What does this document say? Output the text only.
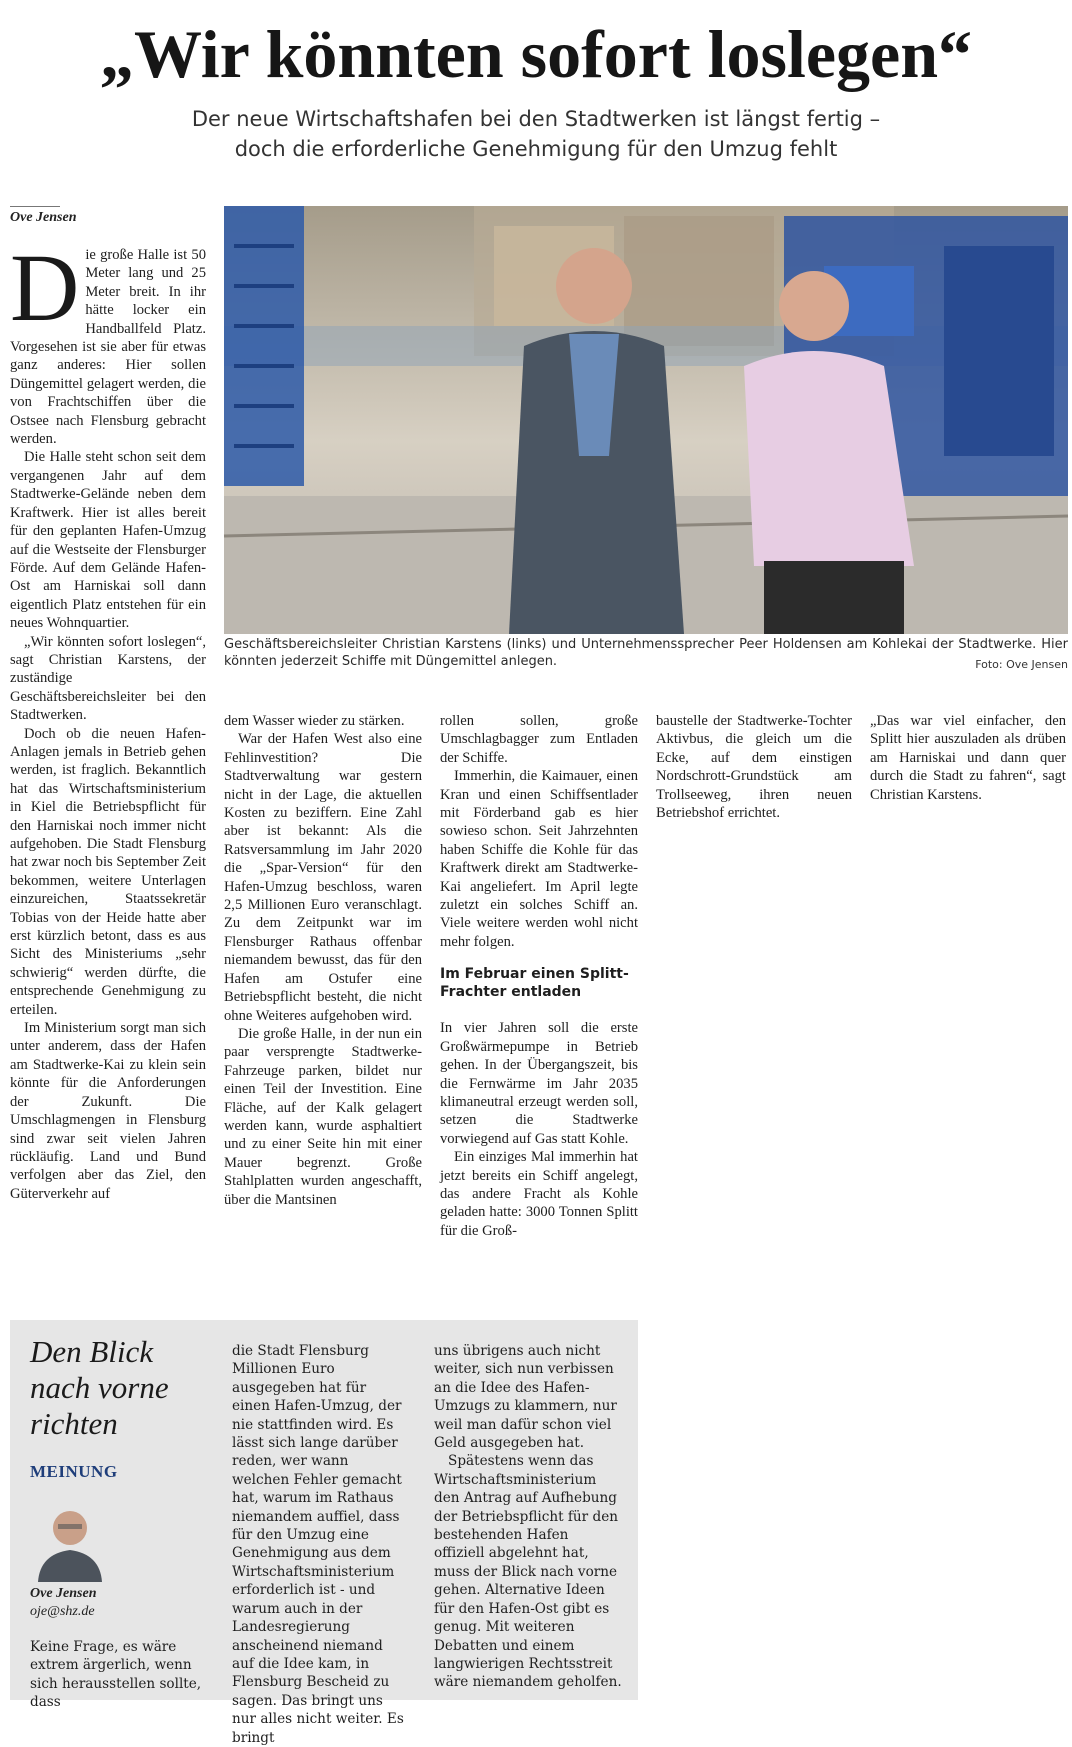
„Wir könnten sofort loslegen“
Der neue Wirtschaftshafen bei den Stadtwerken ist längst fertig –
doch die erforderliche Genehmigung für den Umzug fehlt
Ove Jensen
D ie große Halle ist 50 Meter lang und 25 Meter breit. In ihr hätte locker ein Handballfeld Platz. Vorgesehen ist sie aber für etwas ganz anderes: Hier sollen Düngemittel gelagert werden, die von Frachtschiffen über die Ostsee nach Flensburg gebracht werden.

Die Halle steht schon seit dem vergangenen Jahr auf dem Stadtwerke-Gelände neben dem Kraftwerk. Hier ist alles bereit für den geplanten Hafen-Umzug auf die Westseite der Flensburger Förde. Auf dem Gelände Hafen-Ost am Harniskai soll dann eigentlich Platz entstehen für ein neues Wohnquartier.

„Wir könnten sofort loslegen“, sagt Christian Karstens, der zuständige Geschäftsbereichsleiter bei den Stadtwerken.

Doch ob die neuen Hafen-Anlagen jemals in Betrieb gehen werden, ist fraglich. Bekanntlich hat das Wirtschaftsministerium in Kiel die Betriebspflicht für den Harniskai noch immer nicht aufgehoben. Die Stadt Flensburg hat zwar noch bis September Zeit bekommen, weitere Unterlagen einzureichen, Staatssekretär Tobias von der Heide hatte aber erst kürzlich betont, dass es aus Sicht des Ministeriums „sehr schwierig“ werden dürfte, die entsprechende Genehmigung zu erteilen.

Im Ministerium sorgt man sich unter anderem, dass der Hafen am Stadtwerke-Kai zu klein sein könnte für die Anforderungen der Zukunft. Die Umschlagmengen in Flensburg sind zwar seit vielen Jahren rückläufig. Land und Bund verfolgen aber das Ziel, den Güterverkehr auf

Geschäftsbereichsleiter Christian Karstens (links) und Unternehmenssprecher Peer Holdensen am Kohlekai der Stadtwerke. Hier könnten jederzeit Schiffe mit Düngemittel anlegen.	Foto: Ove Jensen

dem Wasser wieder zu stärken.

War der Hafen West also eine Fehlinvestition? Die Stadtverwaltung war gestern nicht in der Lage, die aktuellen Kosten zu beziffern. Eine Zahl aber ist bekannt: Als die Ratsversammlung im Jahr 2020 die „Spar-Version“ für den Hafen-Umzug beschloss, waren 2,5 Millionen Euro veranschlagt. Zu dem Zeitpunkt war im Flensburger Rathaus offenbar niemandem bewusst, das für den Hafen am Ostufer eine Betriebspflicht besteht, die nicht ohne Weiteres aufgehoben wird.

Die große Halle, in der nun ein paar versprengte Stadtwerke-Fahrzeuge parken, bildet nur einen Teil der Investition. Eine Fläche, auf der Kalk gelagert werden kann, wurde asphaltiert und zu einer Seite hin mit einer Mauer begrenzt. Große Stahlplatten wurden angeschafft, über die Mantsinen

rollen sollen, große Umschlagbagger zum Entladen der Schiffe.

Immerhin, die Kaimauer, einen Kran und einen Schiffsentlader mit Förderband gab es hier sowieso schon. Seit Jahrzehnten haben Schiffe die Kohle für das Kraftwerk direkt am Stadtwerke-Kai angeliefert. Im April legte zuletzt ein solches Schiff an. Viele weitere werden wohl nicht mehr folgen.

Im Februar einen Splitt-Frachter entladen

In vier Jahren soll die erste Großwärmepumpe in Betrieb gehen. In der Übergangszeit, bis die Fernwärme im Jahr 2035 klimaneutral erzeugt werden soll, setzen die Stadtwerke vorwiegend auf Gas statt Kohle.

Ein einziges Mal immerhin hat jetzt bereits ein Schiff angelegt, das andere Fracht als Kohle geladen hatte: 3000 Tonnen Splitt für die Groß-

baustelle der Stadtwerke-Tochter Aktivbus, die gleich um die Ecke, auf dem einstigen Nordschrott-Grundstück am Trollseeweg, ihren neuen Betriebshof errichtet.

„Das war viel einfacher, den Splitt hier auszuladen als drüben am Harniskai und dann quer durch die Stadt zu fahren“, sagt Christian Karstens.

Den Blick nach vorne richten
MEINUNG
Ove Jensen
oje@shz.de

Keine Frage, es wäre extrem ärgerlich, wenn sich herausstellen sollte, dass

die Stadt Flensburg Millionen Euro ausgegeben hat für einen Hafen-Umzug, der nie stattfinden wird. Es lässt sich lange darüber reden, wer wann welchen Fehler gemacht hat, warum im Rathaus niemandem auffiel, dass für den Umzug eine Genehmigung aus dem Wirtschaftsministerium erforderlich ist - und warum auch in der Landesregierung anscheinend niemand auf die Idee kam, in Flensburg Bescheid zu sagen. Das bringt uns nur alles nicht weiter. Es bringt

uns übrigens auch nicht weiter, sich nun verbissen an die Idee des Hafen-Umzugs zu klammern, nur weil man dafür schon viel Geld ausgegeben hat.

Spätestens wenn das Wirtschaftsministerium den Antrag auf Aufhebung der Betriebspflicht für den bestehenden Hafen offiziell abgelehnt hat, muss der Blick nach vorne gehen. Alternative Ideen für den Hafen-Ost gibt es genug. Mit weiteren Debatten und einem langwierigen Rechtsstreit wäre niemandem geholfen.
